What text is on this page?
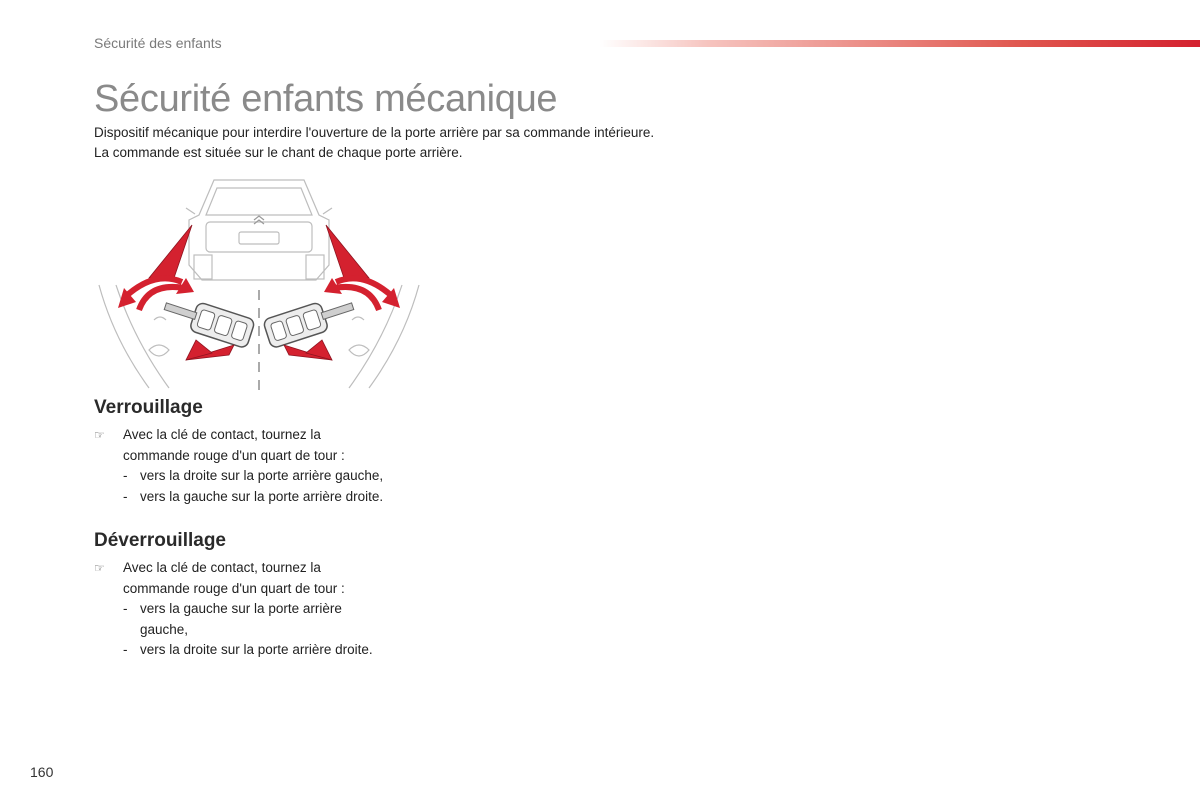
Sécurité des enfants
Sécurité enfants mécanique

Dispositif mécanique pour interdire l'ouverture de la porte arrière par sa commande intérieure.

La commande est située sur le chant de chaque porte arrière.

Verrouillage
☞ Avec la clé de contact, tournez la
commande rouge d'un quart de tour :
- vers la droite sur la porte arrière gauche,
- vers la gauche sur la porte arrière droite.
Déverrouillage
☞ Avec la clé de contact, tournez la
commande rouge d'un quart de tour :
- vers la gauche sur la porte arrière
gauche,
- vers la droite sur la porte arrière droite.
160
